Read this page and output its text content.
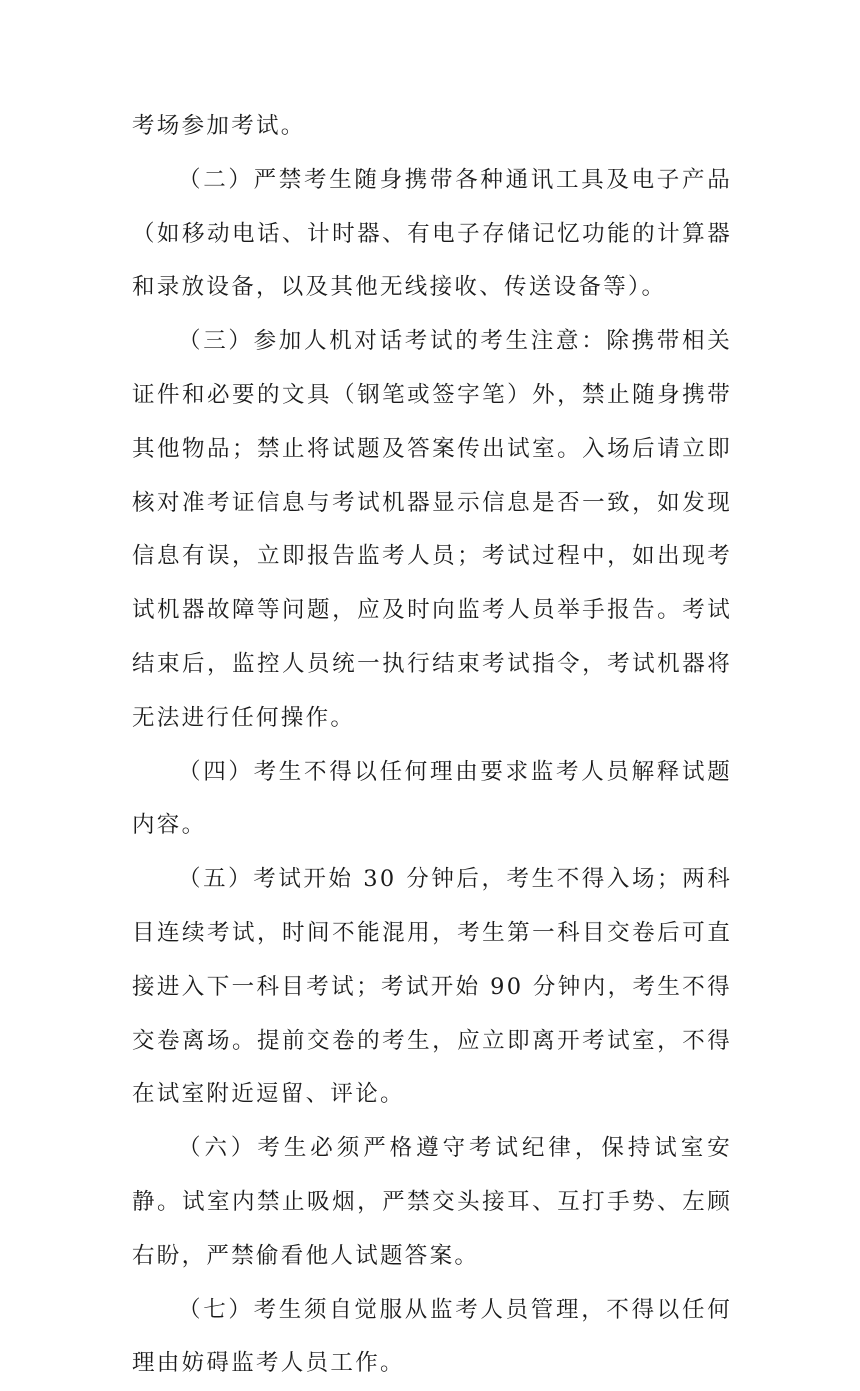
考场参加考试。

（二）严禁考生随身携带各种通讯工具及电子产品（如移动电话、计时器、有电子存储记忆功能的计算器和录放设备，以及其他无线接收、传送设备等）。

（三）参加人机对话考试的考生注意：除携带相关证件和必要的文具（钢笔或签字笔）外，禁止随身携带其他物品；禁止将试题及答案传出试室。入场后请立即核对准考证信息与考试机器显示信息是否一致，如发现信息有误，立即报告监考人员；考试过程中，如出现考试机器故障等问题，应及时向监考人员举手报告。考试结束后，监控人员统一执行结束考试指令，考试机器将无法进行任何操作。

（四）考生不得以任何理由要求监考人员解释试题内容。

（五）考试开始 30 分钟后，考生不得入场；两科目连续考试，时间不能混用，考生第一科目交卷后可直接进入下一科目考试；考试开始 90 分钟内，考生不得交卷离场。提前交卷的考生，应立即离开考试室，不得在试室附近逗留、评论。

（六）考生必须严格遵守考试纪律，保持试室安静。试室内禁止吸烟，严禁交头接耳、互打手势、左顾右盼，严禁偷看他人试题答案。

（七）考生须自觉服从监考人员管理，不得以任何理由妨碍监考人员工作。
